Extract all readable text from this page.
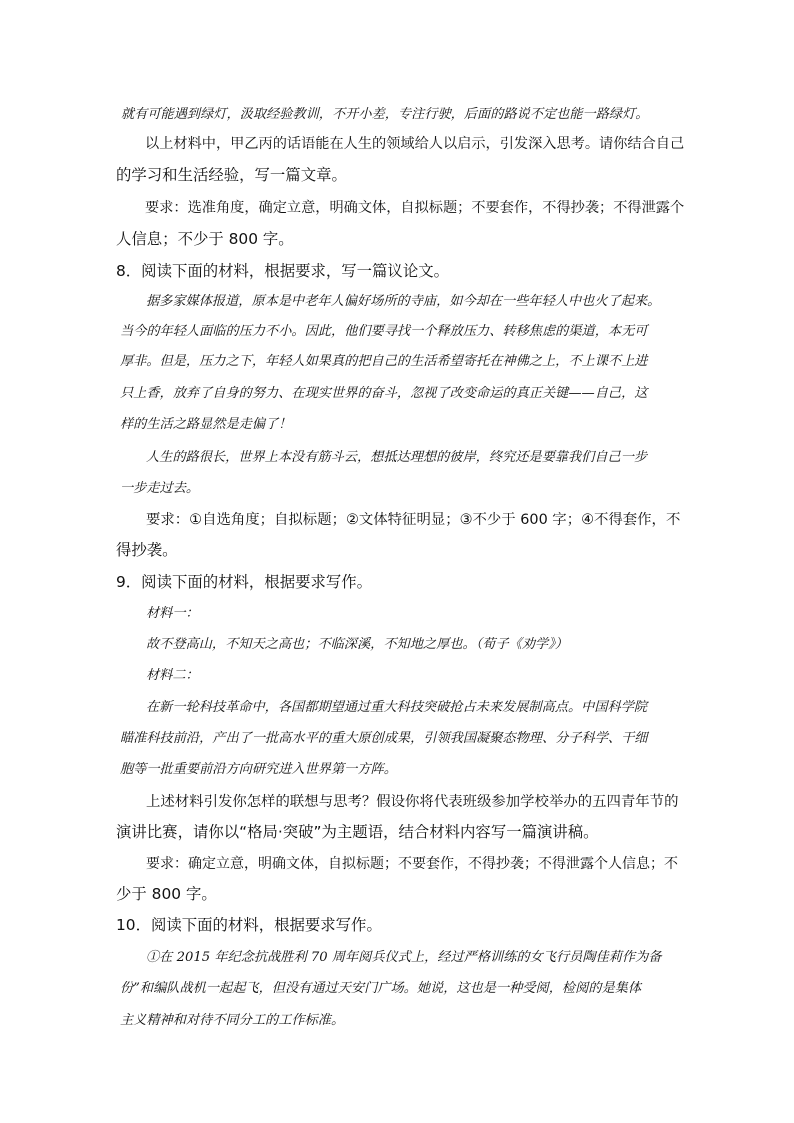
就有可能遇到绿灯，汲取经验教训，不开小差，专注行驶，后面的路说不定也能一路绿灯。
以上材料中，甲乙丙的话语能在人生的领域给人以启示，引发深入思考。请你结合自己
的学习和生活经验，写一篇文章。
要求：选准角度，确定立意，明确文体，自拟标题；不要套作，不得抄袭；不得泄露个
人信息；不少于 800 字。
8．阅读下面的材料，根据要求，写一篇议论文。
据多家媒体报道，原本是中老年人偏好场所的寺庙，如今却在一些年轻人中也火了起来。
当今的年轻人面临的压力不小。因此，他们要寻找一个释放压力、转移焦虑的渠道，本无可
厚非。但是，压力之下，年轻人如果真的把自己的生活希望寄托在神佛之上，不上课不上进
只上香，放弃了自身的努力、在现实世界的奋斗，忽视了改变命运的真正关键——自己，这
样的生活之路显然是走偏了！
人生的路很长，世界上本没有筋斗云，想抵达理想的彼岸，终究还是要靠我们自己一步
一步走过去。
要求：①自选角度；自拟标题；②文体特征明显；③不少于 600 字；④不得套作，不
得抄袭。
9．阅读下面的材料，根据要求写作。
材料一：
故不登高山，不知天之高也；不临深溪，不知地之厚也。（荀子《劝学》）
材料二：
在新一轮科技革命中，各国都期望通过重大科技突破抢占未来发展制高点。中国科学院
瞄准科技前沿，产出了一批高水平的重大原创成果，引领我国凝聚态物理、分子科学、干细
胞等一批重要前沿方向研究进入世界第一方阵。
上述材料引发你怎样的联想与思考？假设你将代表班级参加学校举办的五四青年节的
演讲比赛，请你以“格局·突破”为主题语，结合材料内容写一篇演讲稿。
要求：确定立意，明确文体，自拟标题；不要套作，不得抄袭；不得泄露个人信息；不
少于 800 字。
10．阅读下面的材料，根据要求写作。
①在 2015 年纪念抗战胜利 70 周年阅兵仪式上，经过严格训练的女飞行员陶佳莉作为备
份”和编队战机一起起飞，但没有通过天安门广场。她说，这也是一种受阅，检阅的是集体
主义精神和对待不同分工的工作标准。
